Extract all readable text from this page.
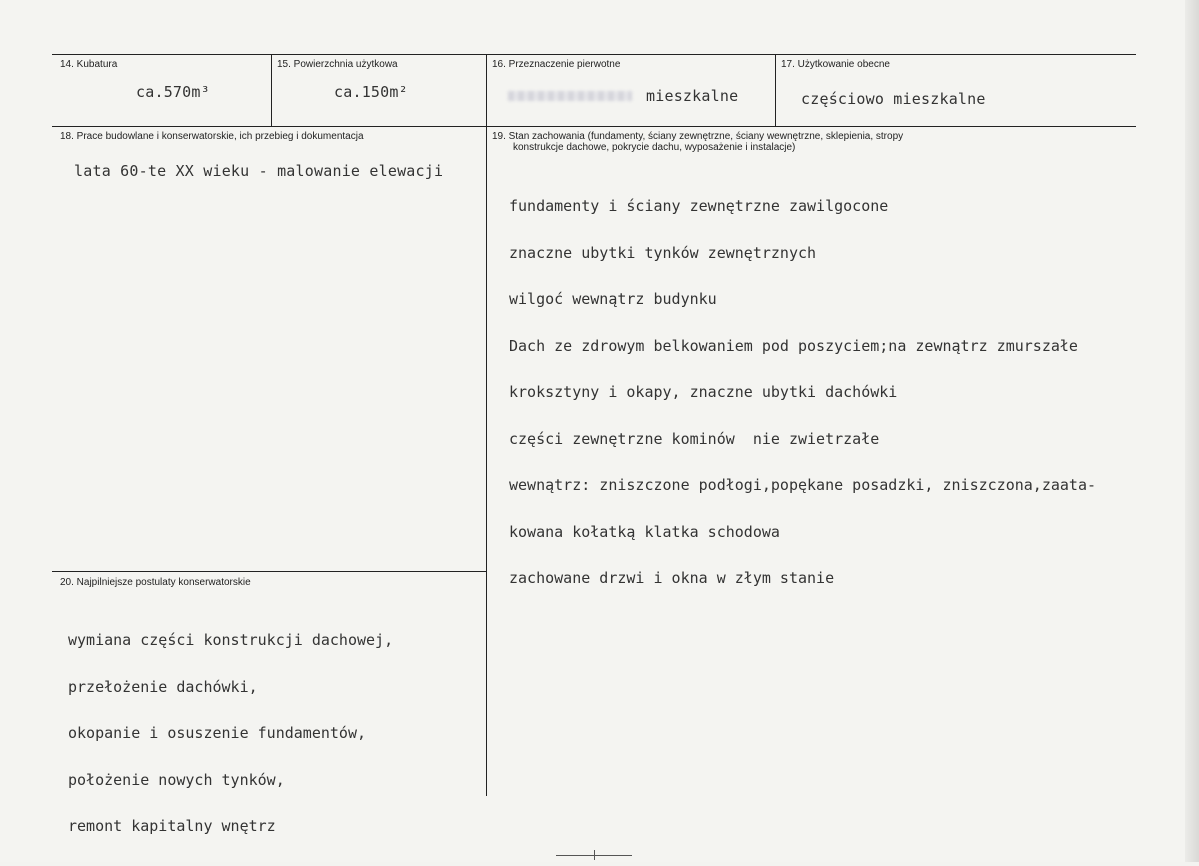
14. Kubatura
ca.570m³
15. Powierzchnia użytkowa
ca.150m²
16. Przeznaczenie pierwotne
mieszkalne
17. Użytkowanie obecne
częściowo mieszkalne
18. Prace budowlane i konserwatorskie, ich przebieg i dokumentacja
lata 60-te XX wieku - malowanie elewacji
19. Stan zachowania (fundamenty, ściany zewnętrzne, ściany wewnętrzne, sklepienia, stropy
konstrukcje dachowe, pokrycie dachu, wyposażenie i instalacje)

fundamenty i ściany zewnętrzne zawilgocone

znaczne ubytki tynków zewnętrznych

wilgoć wewnątrz budynku

Dach ze zdrowym belkowaniem pod poszyciem;na zewnątrz zmurszałe

kroksztyny i okapy, znaczne ubytki dachówki

części zewnętrzne kominów  nie zwietrzałe

wewnątrz: zniszczone podłogi,popękane posadzki, zniszczona,zaata-

kowana kołatką klatka schodowa

zachowane drzwi i okna w złym stanie

20. Najpilniejsze postulaty konserwatorskie

wymiana części konstrukcji dachowej,

przełożenie dachówki,

okopanie i osuszenie fundamentów,

położenie nowych tynków,

remont kapitalny wnętrz
